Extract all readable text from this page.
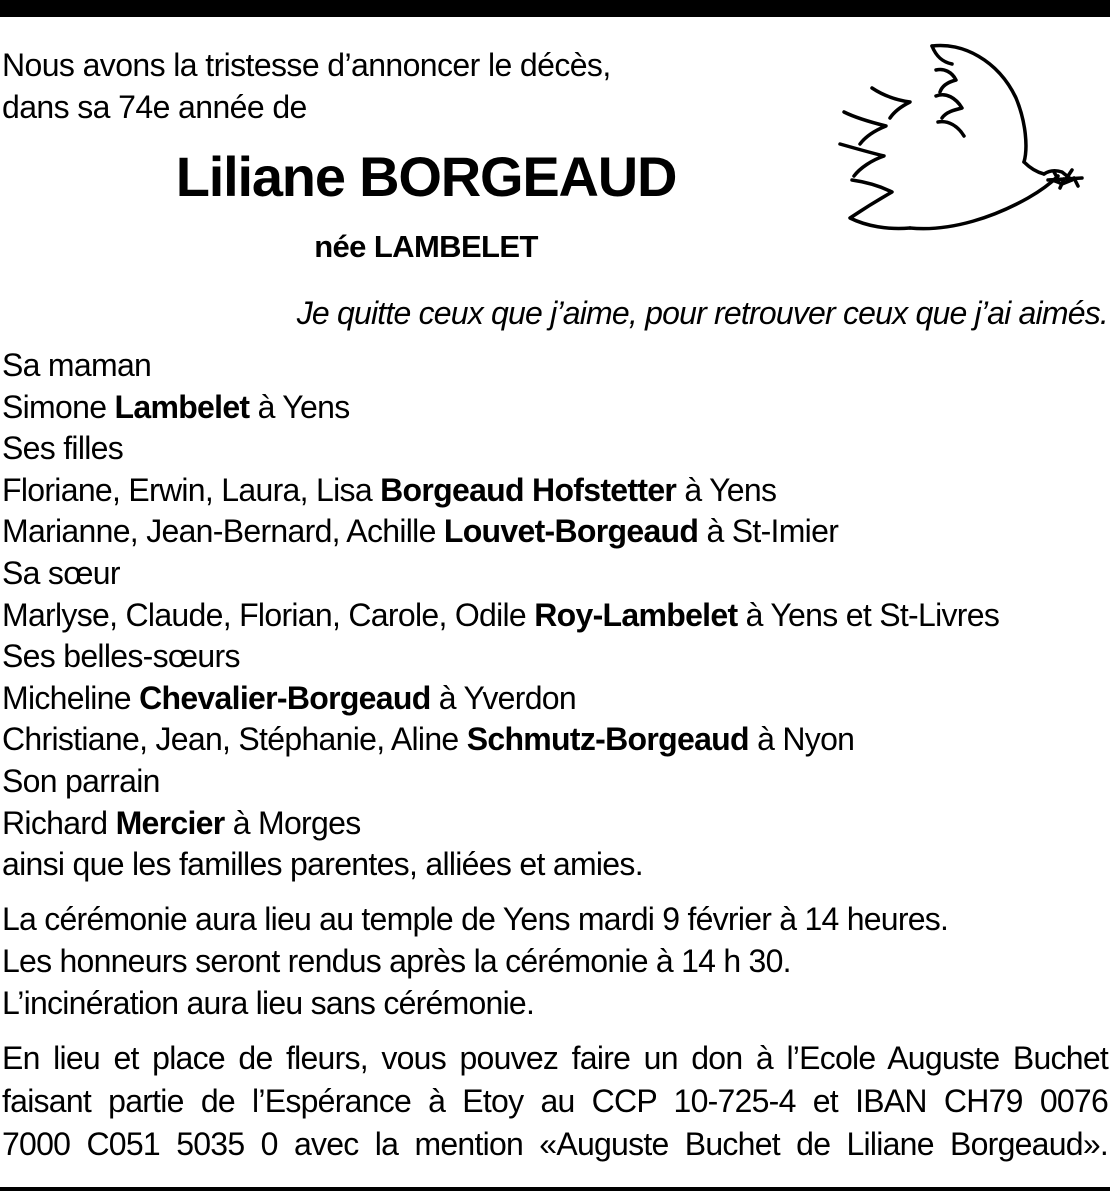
Nous avons la tristesse d’annoncer le décès,
dans sa 74e année de
Liliane BORGEAUD
née LAMBELET
Je quitte ceux que j’aime, pour retrouver ceux que j’ai aimés.
Sa maman
Simone Lambelet à Yens
Ses filles
Floriane, Erwin, Laura, Lisa Borgeaud Hofstetter à Yens
Marianne, Jean-Bernard, Achille Louvet-Borgeaud à St-Imier
Sa sœur
Marlyse, Claude, Florian, Carole, Odile Roy-Lambelet à Yens et St-Livres
Ses belles-sœurs
Micheline Chevalier-Borgeaud à Yverdon
Christiane, Jean, Stéphanie, Aline Schmutz-Borgeaud à Nyon
Son parrain
Richard Mercier à Morges
ainsi que les familles parentes, alliées et amies.
La cérémonie aura lieu au temple de Yens mardi 9 février à 14 heures.
Les honneurs seront rendus après la cérémonie à 14 h 30.
L’incinération aura lieu sans cérémonie.
En lieu et place de fleurs, vous pouvez faire un don à l’Ecole Auguste Buchet
faisant partie de l’Espérance à Etoy au CCP 10-725-4 et IBAN CH79 0076
7000 C051 5035 0 avec la mention «Auguste Buchet de Liliane Borgeaud».
